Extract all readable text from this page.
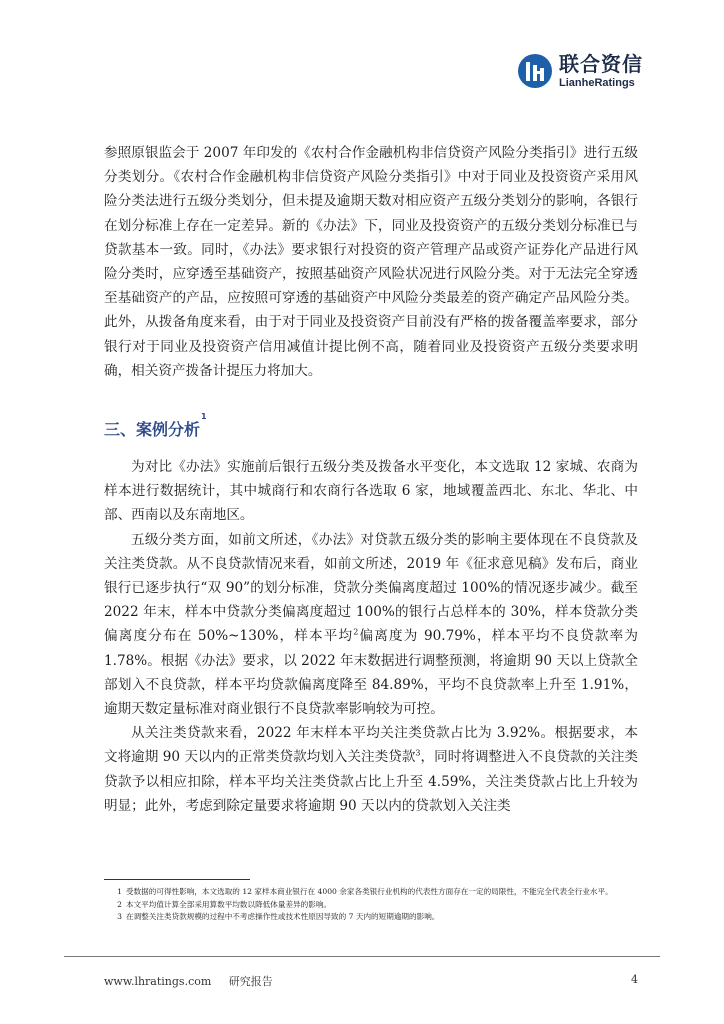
联合资信
LianheRatings

参照原银监会于 2007 年印发的《农村合作金融机构非信贷资产风险分类指引》进行五级分类划分。《农村合作金融机构非信贷资产风险分类指引》中对于同业及投资资产采用风险分类法进行五级分类划分，但未提及逾期天数对相应资产五级分类划分的影响，各银行在划分标准上存在一定差异。新的《办法》下，同业及投资资产的五级分类划分标准已与贷款基本一致。同时，《办法》要求银行对投资的资产管理产品或资产证券化产品进行风险分类时，应穿透至基础资产，按照基础资产风险状况进行风险分类。对于无法完全穿透至基础资产的产品，应按照可穿透的基础资产中风险分类最差的资产确定产品风险分类。此外，从拨备角度来看，由于对于同业及投资资产目前没有严格的拨备覆盖率要求，部分银行对于同业及投资资产信用减值计提比例不高，随着同业及投资资产五级分类要求明确，相关资产拨备计提压力将加大。

三、案例分析
1

为对比《办法》实施前后银行五级分类及拨备水平变化，本文选取 12 家城、农商为样本进行数据统计，其中城商行和农商行各选取 6 家，地域覆盖西北、东北、华北、中部、西南以及东南地区。

五级分类方面，如前文所述，《办法》对贷款五级分类的影响主要体现在不良贷款及关注类贷款。从不良贷款情况来看，如前文所述，2019 年《征求意见稿》发布后，商业银行已逐步执行“双 90”的划分标准，贷款分类偏离度超过 100%的情况逐步减少。截至 2022 年末，样本中贷款分类偏离度超过 100%的银行占总样本的 30%，样本贷款分类偏离度分布在 50%~130%，样本平均$^2$偏离度为 90.79%，样本平均不良贷款率为 1.78%。根据《办法》要求，以 2022 年末数据进行调整预测，将逾期 90 天以上贷款全部划入不良贷款，样本平均贷款偏离度降至 84.89%，平均不良贷款率上升至 1.91%，逾期天数定量标准对商业银行不良贷款率影响较为可控。

从关注类贷款来看，2022 年末样本平均关注类贷款占比为 3.92%。根据要求，本文将逾期 90 天以内的正常类贷款均划入关注类贷款$^3$，同时将调整进入不良贷款的关注类贷款予以相应扣除，样本平均关注类贷款占比上升至 4.59%，关注类贷款占比上升较为明显；此外，考虑到除定量要求将逾期 90 天以内的贷款划入关注类

1 受数据的可得性影响，本文选取的 12 家样本商业银行在 4000 余家各类银行业机构的代表性方面存在一定的局限性，不能完全代表全行业水平。

2 本文平均值计算全部采用算数平均数以降低体量差异的影响。

3 在调整关注类贷款规模的过程中不考虑操作性或技术性原因导致的 7 天内的短期逾期的影响。

www.lhratings.com 研究报告	4
